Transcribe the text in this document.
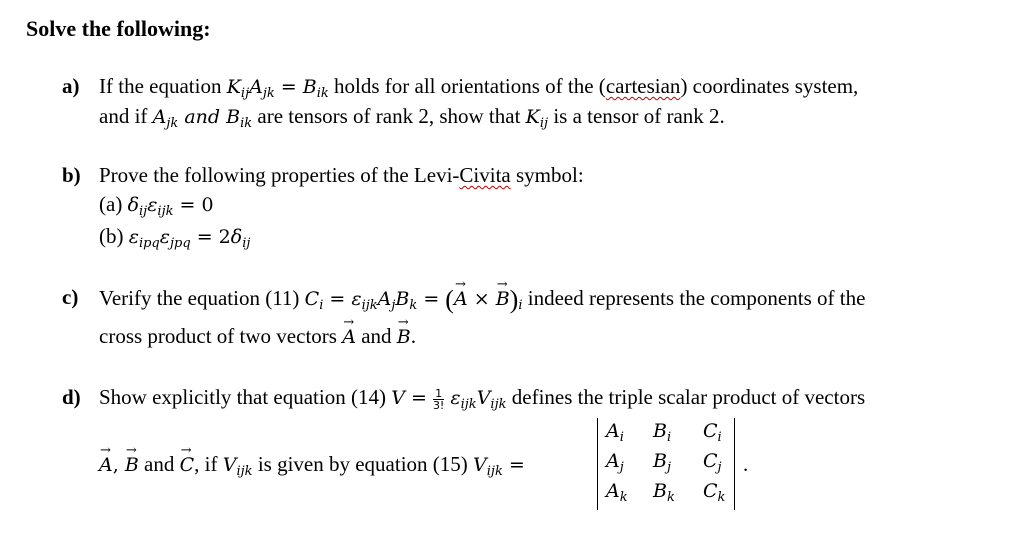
Solve the following:
a) If the equation $K_{ij}A_{jk} = B_{ik}$ holds for all orientations of the (cartesian) coordinates system,
and if $A_{jk}$ and $B_{ik}$ are tensors of rank 2, show that $K_{ij}$ is a tensor of rank 2.
b) Prove the following properties of the Levi-Civita symbol:
(a) $\delta_{ij}\varepsilon_{ijk} = 0$
(b) $\varepsilon_{ipq}\varepsilon_{jpq} = 2\delta_{ij}$
c) Verify the equation (11) $C_i = \varepsilon_{ijk}A_jB_k$ = (→ A × → $B)_i$ indeed represents the components of the
cross product of two vectors → A and → B.
d) Show explicitly that equation (14) $V = \frac{1}{3!} \varepsilon_{ijk}V_{ijk}$ defines the triple scalar product of vectors
→ A, → B and → C, if $V_{ijk}$ is given by equation (15) $V_{ijk}$ =
$A_i$ $B_i$ $C_i$
$A_j$ $B_j$ $C_j$
$A_k$ $B_k$ $C_k$
.
